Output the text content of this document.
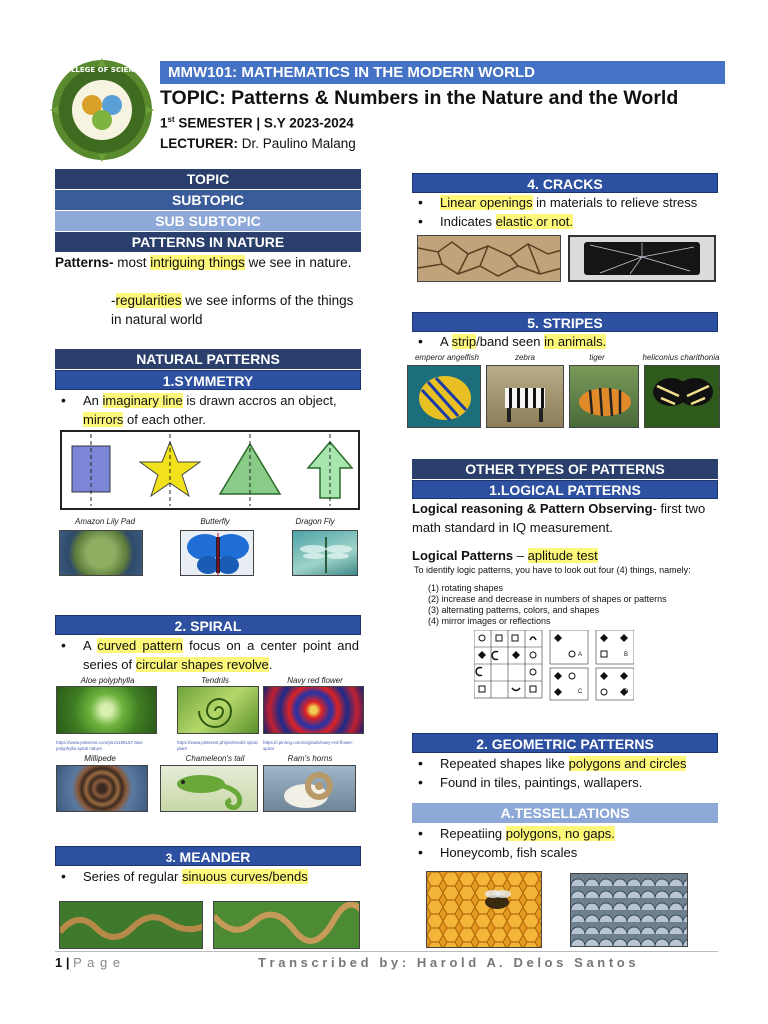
COLLEGE OF SCIENCE	MMW101: MATHEMATICS IN THE MODERN WORLD
TOPIC: Patterns & Numbers in the Nature and the World
1st SEMESTER | S.Y 2023-2024
LECTURER: Dr. Paulino Malang
TOPIC
SUBTOPIC
SUB SUBTOPIC
PATTERNS IN NATURE
Patterns- most intriguing things we see in nature.
-regularities we see informs of the things in natural world
NATURAL PATTERNS
1.SYMMETRY
• An imaginary line is drawn accros an object, mirrors of each other.
Amazon Lily Pad	Butterfly	Dragon Fly
2. SPIRAL
• A curved pattern focus on a center point and series of circular shapes revolve.
Aloe polyphylla	Tendrils	Navy red flower
https://www.pinterest.com/pin/1199157 aloe polyphylla spiral nature
https://www.pinterest.ph/pin/tendril spiral plant
https://i.pinimg.com/originals/navy-red-flower-spiral
Millipede	Chameleon's tail	Ram's horns
3. MEANDER
• Series of regular sinuous curves/bends
4. CRACKS
• Linear openings in materials to relieve stress
• Indicates elastic or not.
5. STRIPES
• A strip/band seen in animals.
emperor angelfish	zebra	tiger	heliconius charithonia
OTHER TYPES OF PATTERNS
1.LOGICAL PATTERNS
Logical reasoning & Pattern Observing- first two math standard in IQ measurement.
Logical Patterns – aplitude test
To identify logic patterns, you have to look out four (4) things, namely:
(1) rotating shapes
(2) increase and decrease in numbers of shapes or patterns
(3) alternating patterns, colors, and shapes
(4) mirror images or reflections
A	B
C	D
2. GEOMETRIC PATTERNS
• Repeated shapes like polygons and circles
• Found in tiles, paintings, wallapers.
A.TESSELLATIONS
• Repeatiing polygons, no gaps.
• Honeycomb, fish scales
1 | P a g e	T r a n s c r i b e d   b y :   H a r o l d   A .   D e l o s   S a n t o s
